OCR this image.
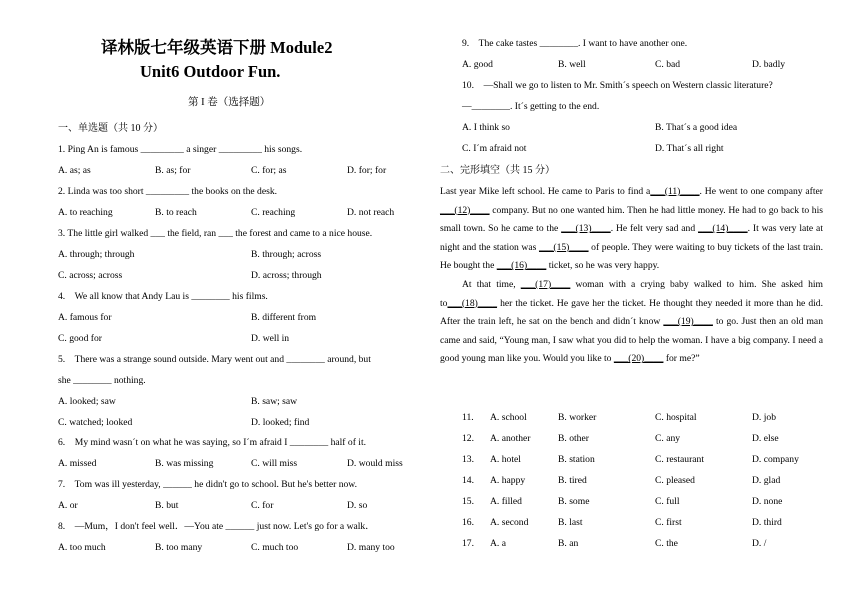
译林版七年级英语下册 Module2
Unit6 Outdoor Fun.
第 I 卷（选择题）
一、单选题（共 10 分）
1. Ping An is famous _________ a singer _________ his songs.
A. as; as	B. as; for	C. for; as	D. for; for
2. Linda was too short _________ the books on the desk.
A. to reaching	B. to reach	C. reaching	D. not reach
3. The little girl walked ___ the field, ran ___ the forest and came to a nice house.
A. through; through	B. through; across
C. across; across	D. across; through
4.    We all know that Andy Lau is ________ his films.
A. famous for	B. different from
C. good for	D. well in
5.    There was a strange sound outside. Mary went out and ________ around, but
she ________ nothing.
A. looked; saw	B. saw; saw
C. watched; looked	D. looked; find
6.    My mind wasn´t on what he was saying, so I´m afraid I ________ half of it.
A. missed	B. was missing	C. will miss	D. would miss
7.    Tom was ill yesterday, ______ he didn't go to school. But he's better now.
A. or	B. but	C. for	D. so
8.    —Mum，I don't feel well．—You ate ______ just now. Let's go for a walk．
A. too much	B. too many	C. much too	D. many too
9.    The cake tastes ________. I want to have another one.
A. good	B. well	C. bad	D. badly
10.    —Shall we go to listen to Mr. Smith´s speech on Western classic literature?
—________. It´s getting to the end.
A. I think so	B. That´s a good idea
C. I´m afraid not	D. That´s all right
二、完形填空（共 15 分）

Last year Mike left school. He came to Paris to find a___(11)____. He went to one company after ___(12)____ company. But no one wanted him. Then he had little money. He had to go back to his small town. So he came to the ___(13)____. He felt very sad and ___(14)____. It was very late at night and the station was ___(15)____ of people. They were waiting to buy tickets of the last train. He bought the ___(16)____ ticket, so he was very happy.

At that time, ___(17)____ woman with a crying baby walked to him. She asked him to___(18)____ her the ticket. He gave her the ticket. He thought they needed it more than he did. After the train left, he sat on the bench and didn´t know ___(19)____ to go. Just then an old man came and said, “Young man, I saw what you did to help the woman. I have a big company. I need a good young man like you. Would you like to ___(20)____ for me?”

11. A. school	B. worker	C. hospital	D. job
12. A. another	B. other	C. any	D. else
13. A. hotel	B. station	C. restaurant	D. company
14. A. happy	B. tired	C. pleased	D. glad
15. A. filled	B. some	C. full	D. none
16. A. second	B. last	C. first	D. third
17. A. a	B. an	C. the	D. /
